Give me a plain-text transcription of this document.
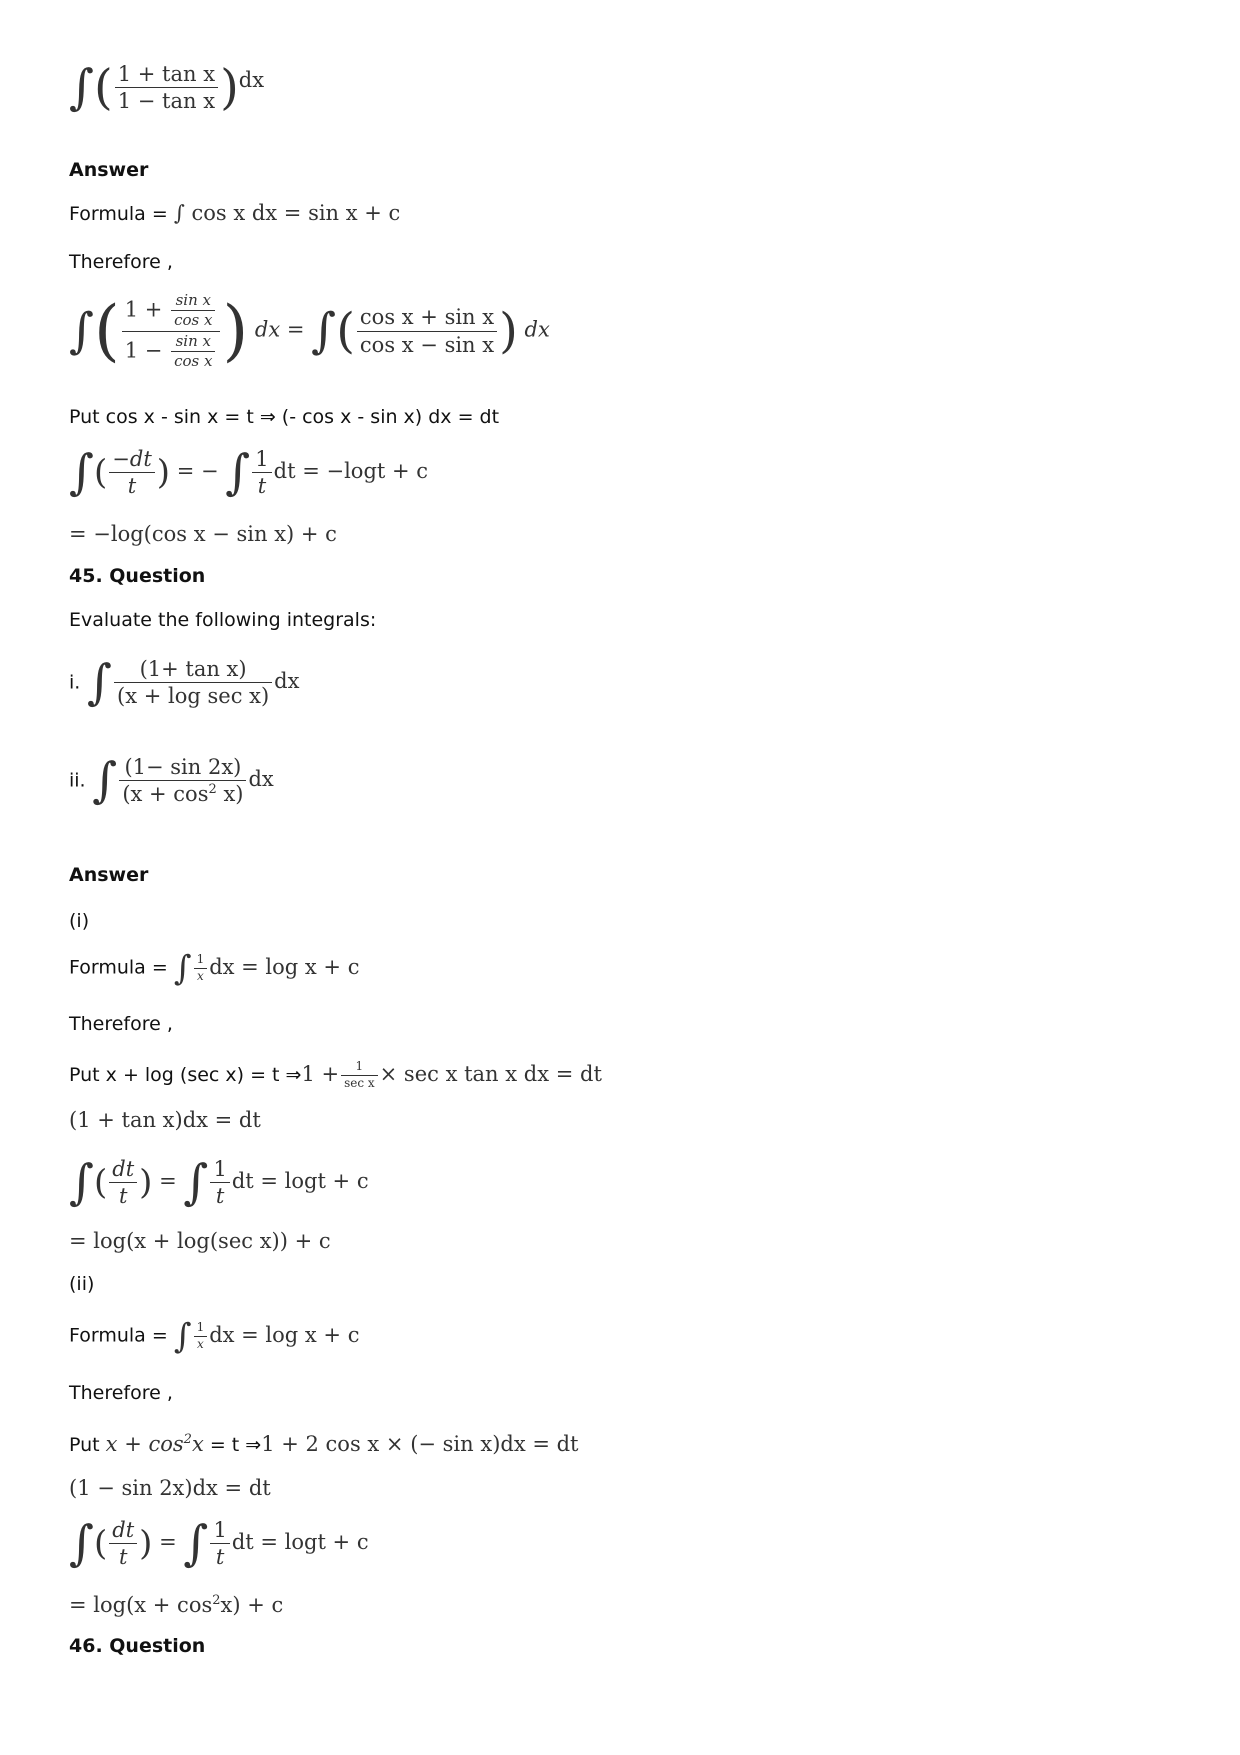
∫( $\frac{\text{1 + tan x}}{\text{1 − tan x}} )dx$
Answer
Formula = ∫ cos x dx = sin x + c
Therefore ,
∫( $\frac{1 + \frac{\text{sin x}}{\text{cos x}}}{1 - \frac{\text{sin x}}{\text{cos x}}}$ ) dx = ∫( $\frac{\text{cos x + sin x}}{\text{cos x − sin x}}$ ) dx
Put cos x - sin x = t ⇒ (- cos x - sin x) dx = dt
∫( $\frac{-dt}{t}$ ) = − ∫ $\frac{1}{t}$ dt = −logt + c
= −log(cos x − sin x) + c
45. Question
Evaluate the following integrals:
i. ∫ $\frac{\text{(1+ tan x)}}{\text{(x + log sec x)}}$ dx
ii. ∫ $\frac{(1- \sin 2x)}{(x + \cos^2 x)}$ dx
Answer
(i)
Formula = ∫ $\frac{1}{x}$ dx = log x + c
Therefore ,
Put x + log (sec x) = t ⇒1 + $\frac{1}{\text{sec x}} \times \sec x$ tan x dx = dt
(1 + tan x)dx = dt
∫( $\frac{dt}{t}$ ) = ∫ $\frac{1}{t}$ dt = logt + c
= log(x + log(sec x)) + c
(ii)
Formula = ∫ $\frac{1}{x}$ dx = log x + c
Therefore ,
Put $x + \cos^2x = t$ ⇒1 + 2 cos x × (− sin x)dx = dt
(1 − sin 2x)dx = dt
∫( $\frac{dt}{t}$ ) = ∫ $\frac{1}{t}$ dt = logt + c
= $\log(x + \cos^2x) + c$
46. Question
